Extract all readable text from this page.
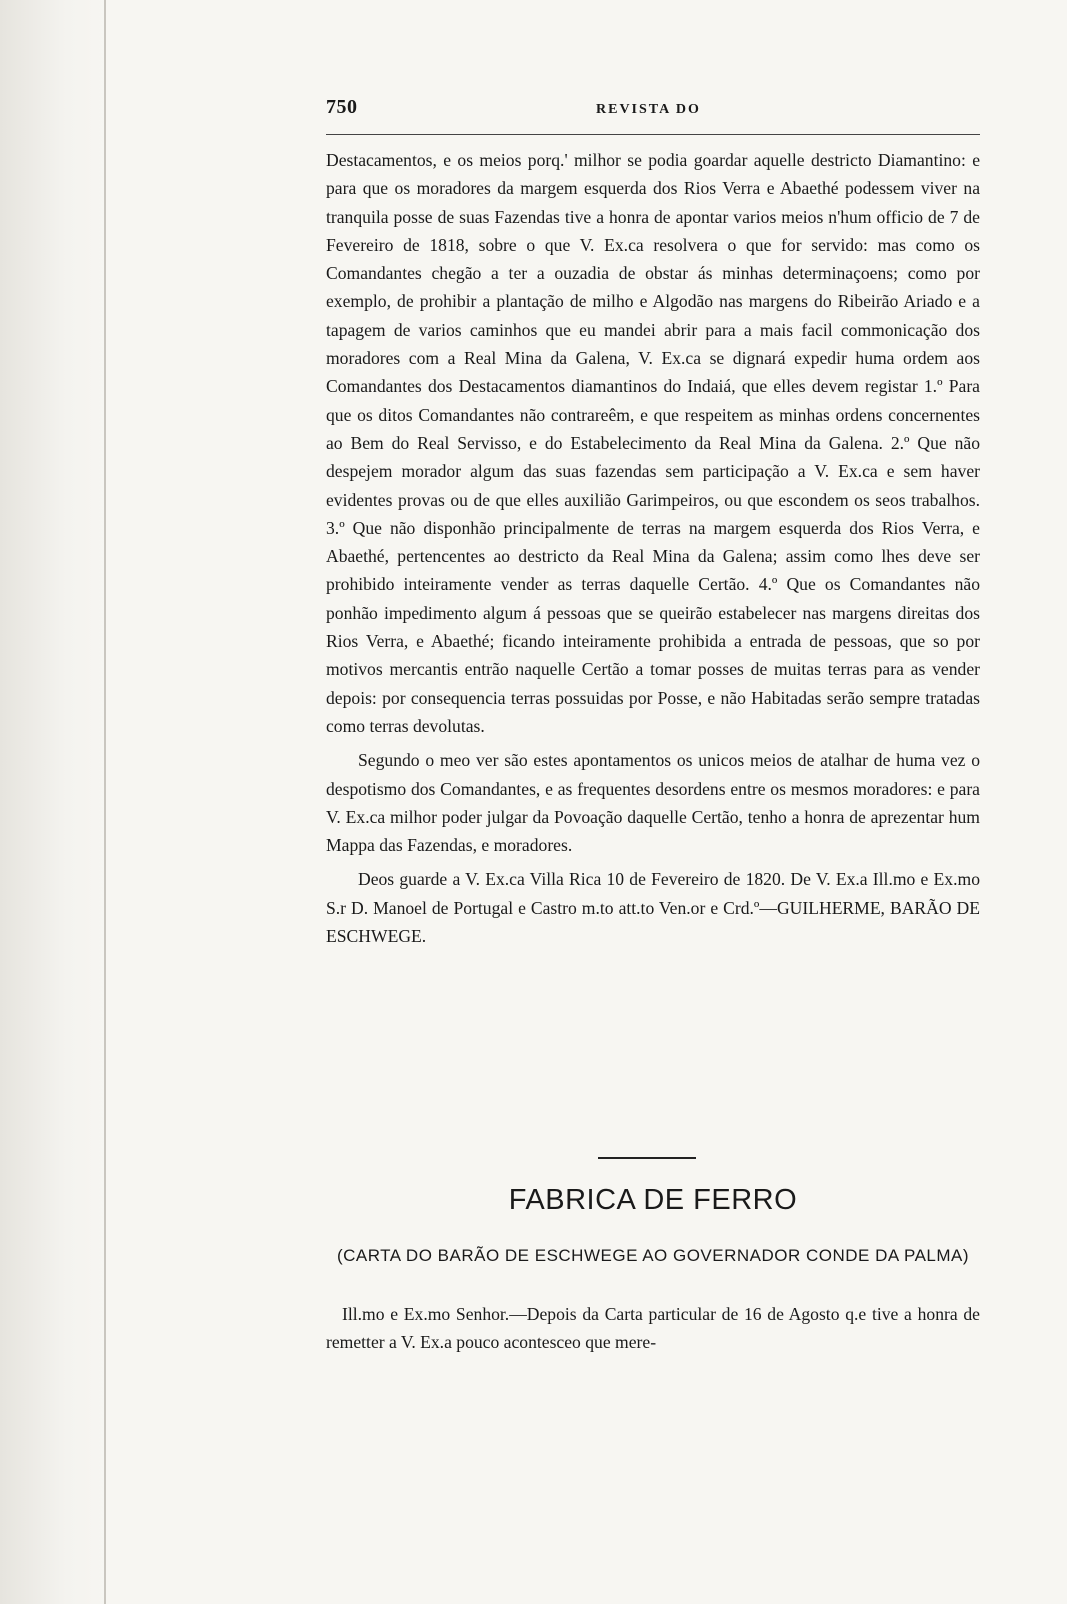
750	REVISTA DO

Destacamentos, e os meios porq.' milhor se podia goardar aquelle destricto Diamantino: e para que os moradores da margem esquerda dos Rios Verra e Abaethé podessem viver na tranquila posse de suas Fazendas tive a honra de apontar varios meios n'hum officio de 7 de Fevereiro de 1818, sobre o que V. Ex.ca resolvera o que for servido: mas como os Comandantes chegão a ter a ouzadia de obstar ás minhas determinaçoens; como por exemplo, de prohibir a plantação de milho e Algodão nas margens do Ribeirão Ariado e a tapagem de varios caminhos que eu mandei abrir para a mais facil commonicação dos moradores com a Real Mina da Galena, V. Ex.ca se dignará expedir huma ordem aos Comandantes dos Destacamentos diamantinos do Indaiá, que elles devem registar 1.º Para que os ditos Comandantes não contrareêm, e que respeitem as minhas ordens concernentes ao Bem do Real Servisso, e do Estabelecimento da Real Mina da Galena. 2.º Que não despejem morador algum das suas fazendas sem participação a V. Ex.ca e sem haver evidentes provas ou de que elles auxilião Garimpeiros, ou que escondem os seos trabalhos. 3.º Que não disponhão principalmente de terras na margem esquerda dos Rios Verra, e Abaethé, pertencentes ao destricto da Real Mina da Galena; assim como lhes deve ser prohibido inteiramente vender as terras daquelle Certão. 4.º Que os Comandantes não ponhão impedimento algum á pessoas que se queirão estabelecer nas margens direitas dos Rios Verra, e Abaethé; ficando inteiramente prohibida a entrada de pessoas, que so por motivos mercantis entrão naquelle Certão a tomar posses de muitas terras para as vender depois: por consequencia terras possuidas por Posse, e não Habitadas serão sempre tratadas como terras devolutas.

Segundo o meo ver são estes apontamentos os unicos meios de atalhar de huma vez o despotismo dos Comandantes, e as frequentes desordens entre os mesmos moradores: e para V. Ex.ca milhor poder julgar da Povoação daquelle Certão, tenho a honra de aprezentar hum Mappa das Fazendas, e moradores.

Deos guarde a V. Ex.ca Villa Rica 10 de Fevereiro de 1820. De V. Ex.a Ill.mo e Ex.mo S.r D. Manoel de Portugal e Castro m.to att.to Ven.or e Crd.º—GUILHERME, BARÃO DE ESCHWEGE.

FABRICA DE FERRO
(CARTA DO BARÃO DE ESCHWEGE AO GOVERNADOR CONDE DA PALMA)

Ill.mo e Ex.mo Senhor.—Depois da Carta particular de 16 de Agosto q.e tive a honra de remetter a V. Ex.a pouco acontesceo que mere-
